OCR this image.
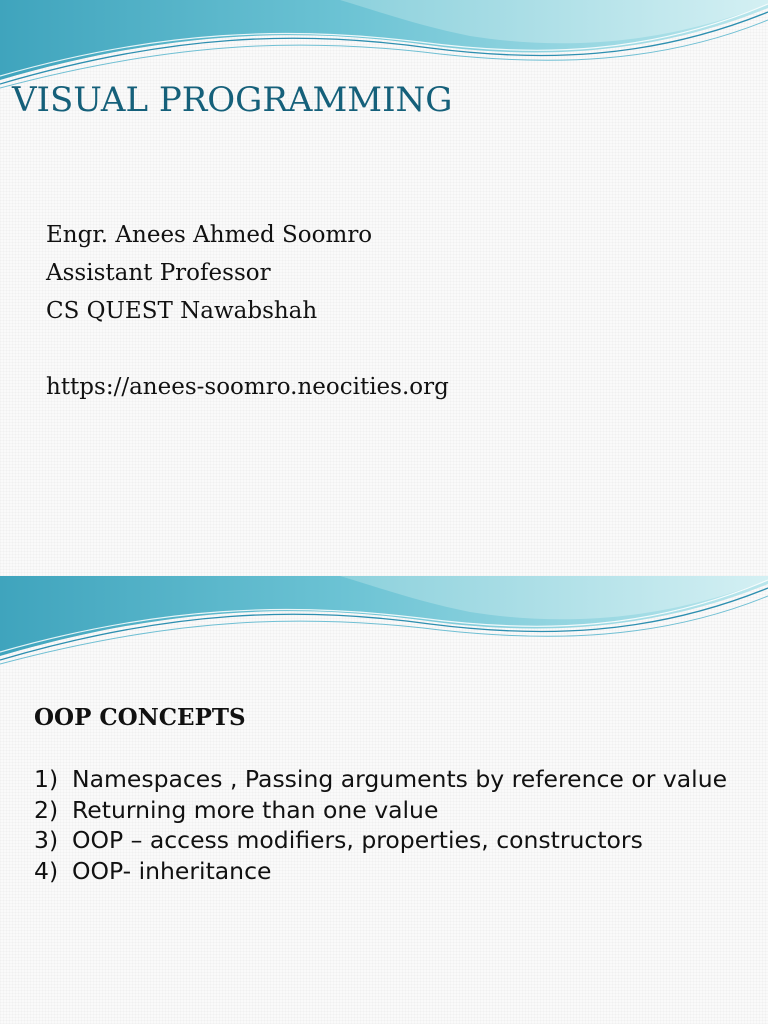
VISUAL PROGRAMMING
Engr. Anees Ahmed Soomro
Assistant Professor
CS QUEST Nawabshah
https://anees-soomro.neocities.org
OOP CONCEPTS
1) Namespaces , Passing arguments by reference or value
2) Returning more than one value
3) OOP – access modifiers, properties, constructors
4) OOP- inheritance
